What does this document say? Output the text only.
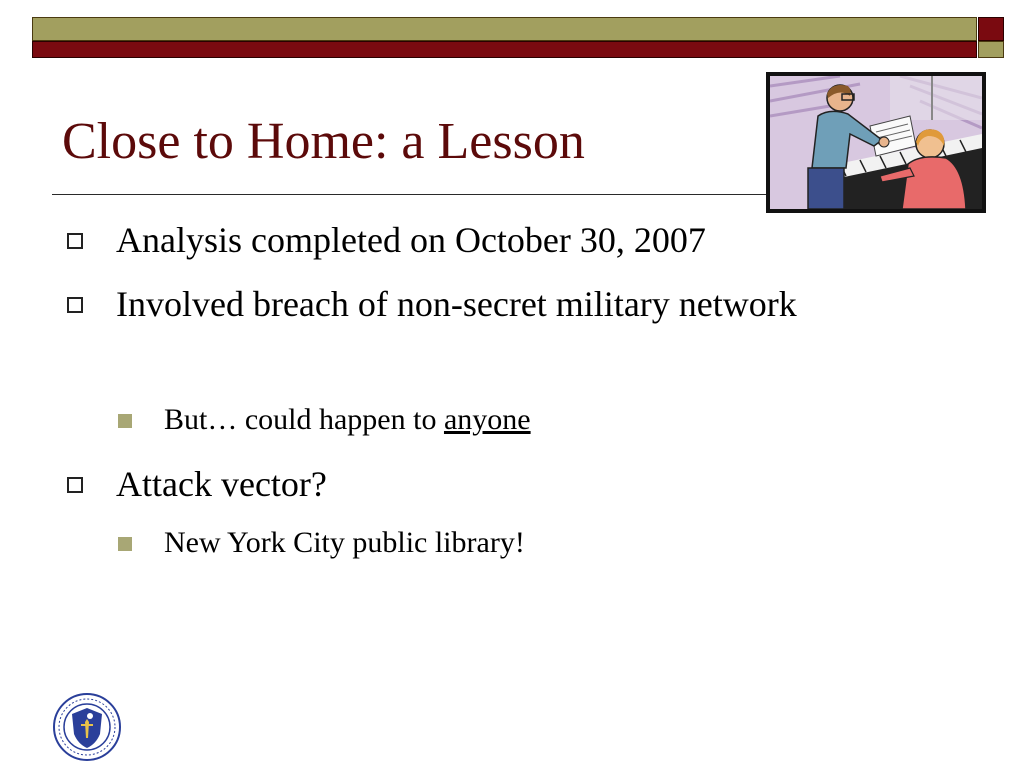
Close to Home: a Lesson
Analysis completed on October 30, 2007
Involved breach of non-secret military network
But… could happen to anyone
Attack vector?
New York City public library!
